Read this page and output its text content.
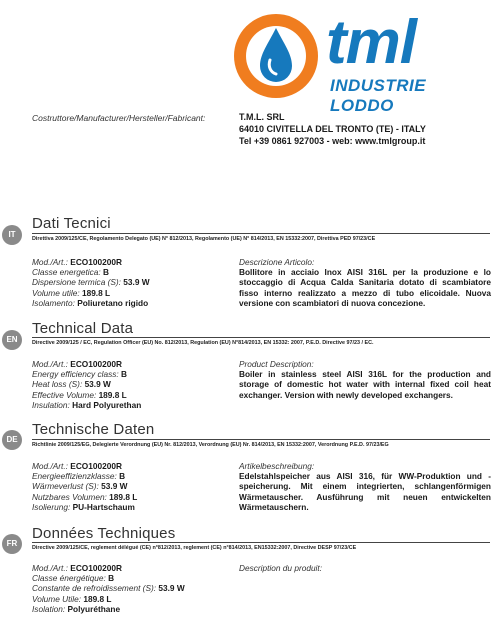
tml
INDUSTRIE LODDO
Costruttore/Manufacturer/Hersteller/Fabricant:	T.M.L. SRL
64010 CIVITELLA DEL TRONTO (TE) - ITALY
Tel +39 0861 927003 - web: www.tmlgroup.it
IT
Dati Tecnici
Direttiva 2009/125/CE, Regolamento Delegato (UE) N° 812/2013, Regolamento (UE) N° 814/2013, EN 15332:2007, Direttiva PED 97/23/CE
Mod./Art.: ECO100200R
Classe energetica: B
Dispersione termica (S): 53.9 W
Volume utile: 189.8 L
Isolamento: Poliuretano rigido
Descrizione Articolo:
Bollitore in acciaio Inox AISI 316L per la produzione e lo stoccaggio di Acqua Calda Sanitaria dotato di scambiatore fisso interno realizzato a mezzo di tubo elicoidale. Nuova versione con scambiatori di nuova concezione.
EN
Technical Data
Directive 2009/125 / EC, Regulation Officer (EU) No. 812/2013, Regulation (EU) N°814/2013, EN 15332: 2007, P.E.D. Directive 97/23 / EC.
Mod./Art.: ECO100200R
Energy efficiency class: B
Heat loss (S): 53.9 W
Effective Volume: 189.8 L
Insulation: Hard Polyurethan
Product Description:
Boiler in stainless steel AISI 316L for the production and storage of domestic hot water with internal fixed coil heat exchanger. Version with newly developed exchangers.
DE
Technische Daten
Richtlinie 2009/125/EG, Delegierte Verordnung (EU) Nr. 812/2013, Verordnung (EU) Nr. 814/2013, EN 15332:2007, Verordnung P.E.D. 97/23/EG
Mod./Art.: ECO100200R
Energieeffizienzklasse: B
Wärmeverlust (S): 53.9 W
Nutzbares Volumen: 189.8 L
Isolierung: PU-Hartschaum
Artikelbeschreibung:
Edelstahlspeicher aus AISI 316, für WW-Produktion und -speicherung. Mit einem integrierten, schlangenförmigen Wärmetauscher. Ausführung mit neuen entwickelten Wärmetauschern.
FR
Données Techniques
Directive 2009/125/CE, reglement délégué (CE) n°812/2013, reglement (CE) n°814/2013, EN15332:2007, Directive DESP 97/23/CE
Mod./Art.: ECO100200R
Classe énergétique: B
Constante de refroidissement (S): 53.9 W
Volume Utile: 189.8 L
Isolation: Polyuréthane
Description du produit:
